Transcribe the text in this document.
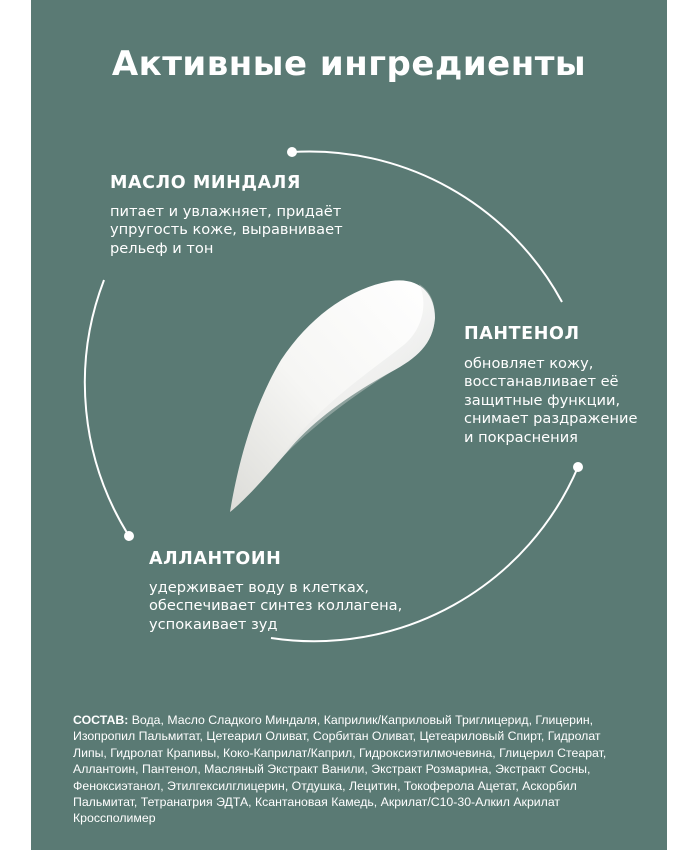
Активные ингредиенты
МАСЛО МИНДАЛЯ
питает и увлажняет, придаёт
упругость коже, выравнивает
рельеф и тон
ПАНТЕНОЛ
обновляет кожу,
восстанавливает её
защитные функции,
снимает раздражение
и покраснения
АЛЛАНТОИН
удерживает воду в клетках,
обеспечивает синтез коллагена,
успокаивает зуд

СОСТАВ: Вода, Масло Сладкого Миндаля, Каприлик/Каприловый Триглицерид, Глицерин, Изопропил Пальмитат, Цетеарил Оливат, Сорбитан Оливат, Цетеариловый Спирт, Гидролат Липы, Гидролат Крапивы, Коко-Каприлат/Каприл, Гидроксиэтилмочевина, Глицерил Стеарат, Аллантоин, Пантенол, Масляный Экстракт Ванили, Экстракт Розмарина, Экстракт Сосны, Феноксиэтанол, Этилгексилглицерин, Отдушка, Лецитин, Токоферола Ацетат, Аскорбил Пальмитат, Тетранатрия ЭДТА, Ксантановая Камедь, Акрилат/С10-30-Алкил Акрилат Кроссполимер
